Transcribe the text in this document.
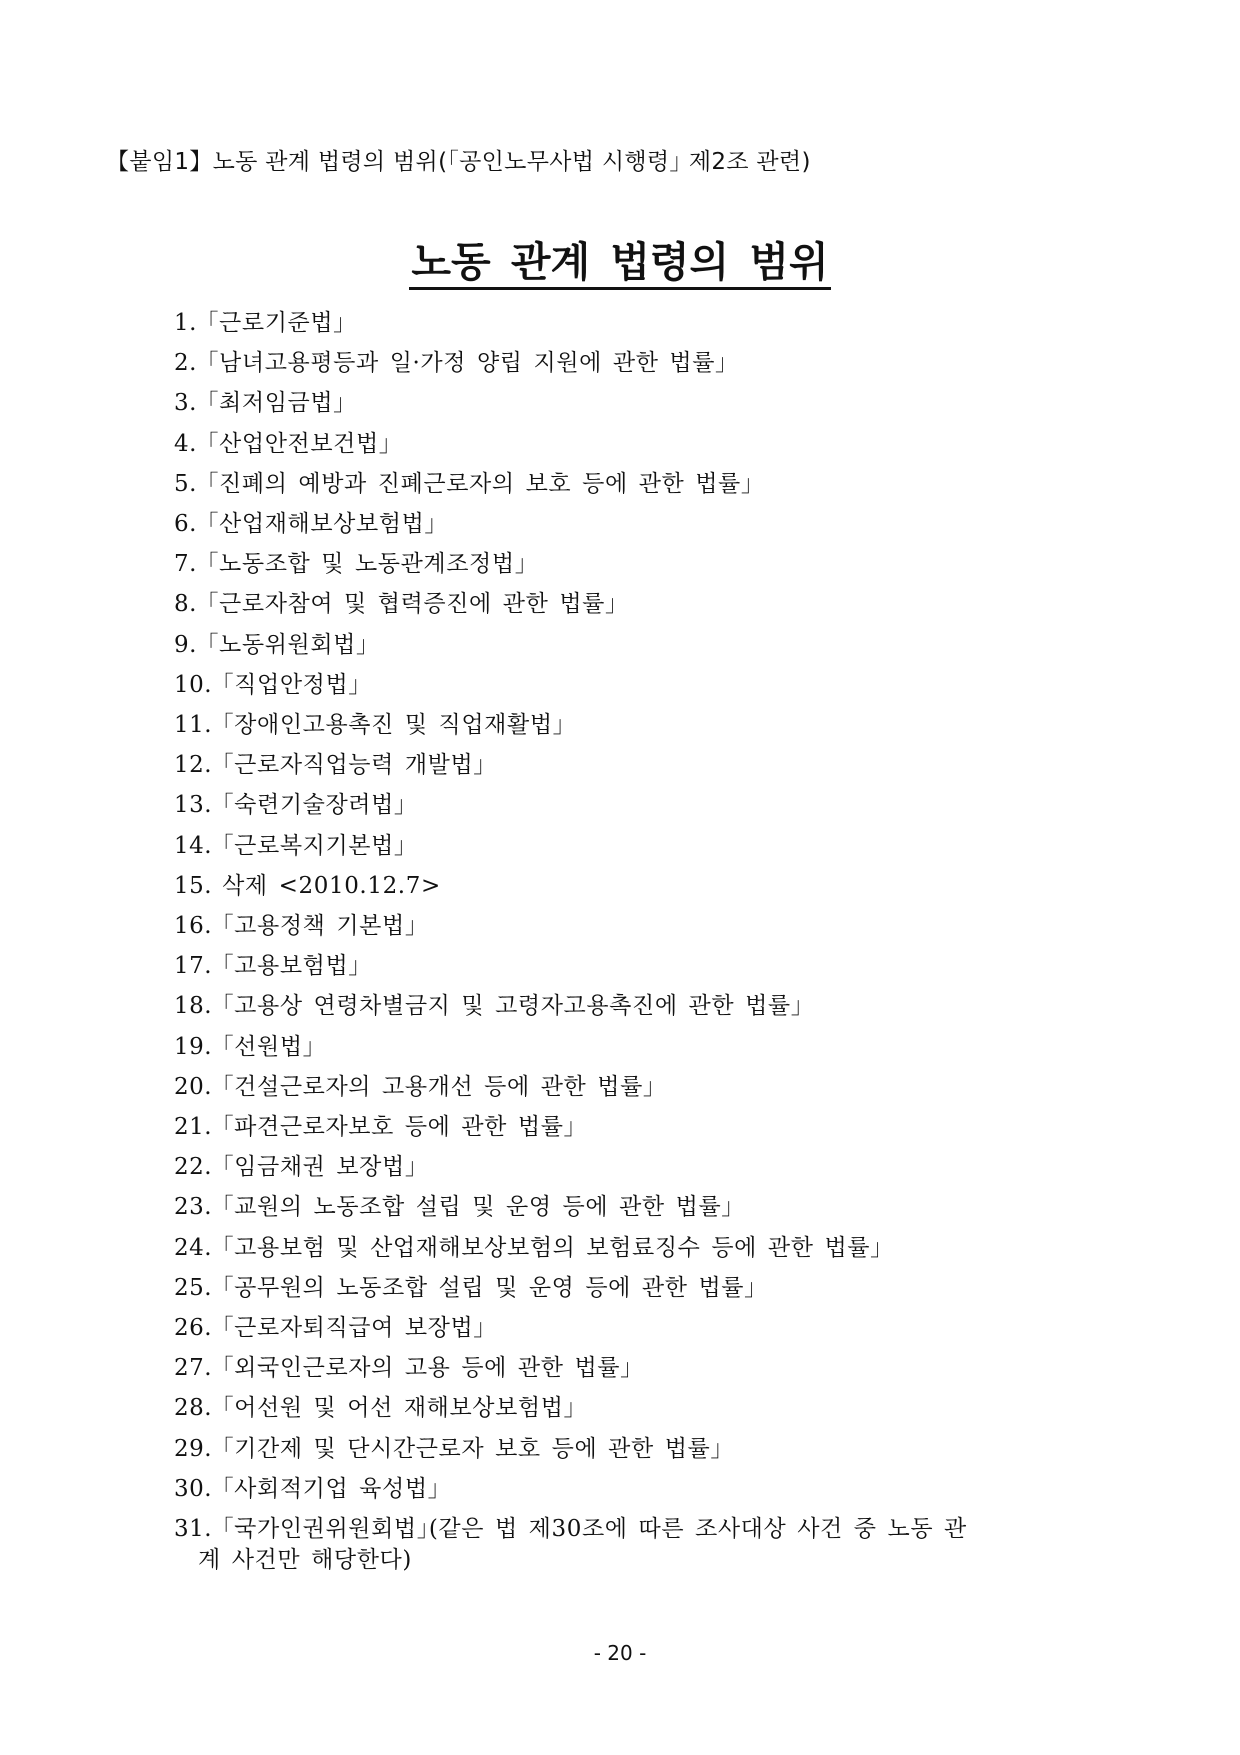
【붙임1】노동 관계 법령의 범위(｢공인노무사법 시행령｣ 제2조 관련)
노동 관계 법령의 범위
1. ｢근로기준법｣
2. ｢남녀고용평등과 일·가정 양립 지원에 관한 법률｣
3. ｢최저임금법｣
4. ｢산업안전보건법｣
5. ｢진폐의 예방과 진폐근로자의 보호 등에 관한 법률｣
6. ｢산업재해보상보험법｣
7. ｢노동조합 및 노동관계조정법｣
8. ｢근로자참여 및 협력증진에 관한 법률｣
9. ｢노동위원회법｣
10. ｢직업안정법｣
11. ｢장애인고용촉진 및 직업재활법｣
12. ｢근로자직업능력 개발법｣
13. ｢숙련기술장려법｣
14. ｢근로복지기본법｣
15. 삭제 <2010.12.7>
16. ｢고용정책 기본법｣
17. ｢고용보험법｣
18. ｢고용상 연령차별금지 및 고령자고용촉진에 관한 법률｣
19. ｢선원법｣
20. ｢건설근로자의 고용개선 등에 관한 법률｣
21. ｢파견근로자보호 등에 관한 법률｣
22. ｢임금채권 보장법｣
23. ｢교원의 노동조합 설립 및 운영 등에 관한 법률｣
24. ｢고용보험 및 산업재해보상보험의 보험료징수 등에 관한 법률｣
25. ｢공무원의 노동조합 설립 및 운영 등에 관한 법률｣
26. ｢근로자퇴직급여 보장법｣
27. ｢외국인근로자의 고용 등에 관한 법률｣
28. ｢어선원 및 어선 재해보상보험법｣
29. ｢기간제 및 단시간근로자 보호 등에 관한 법률｣
30. ｢사회적기업 육성법｣
31. ｢국가인권위원회법｣(같은 법 제30조에 따른 조사대상 사건 중 노동 관
계 사건만 해당한다)
- 20 -
